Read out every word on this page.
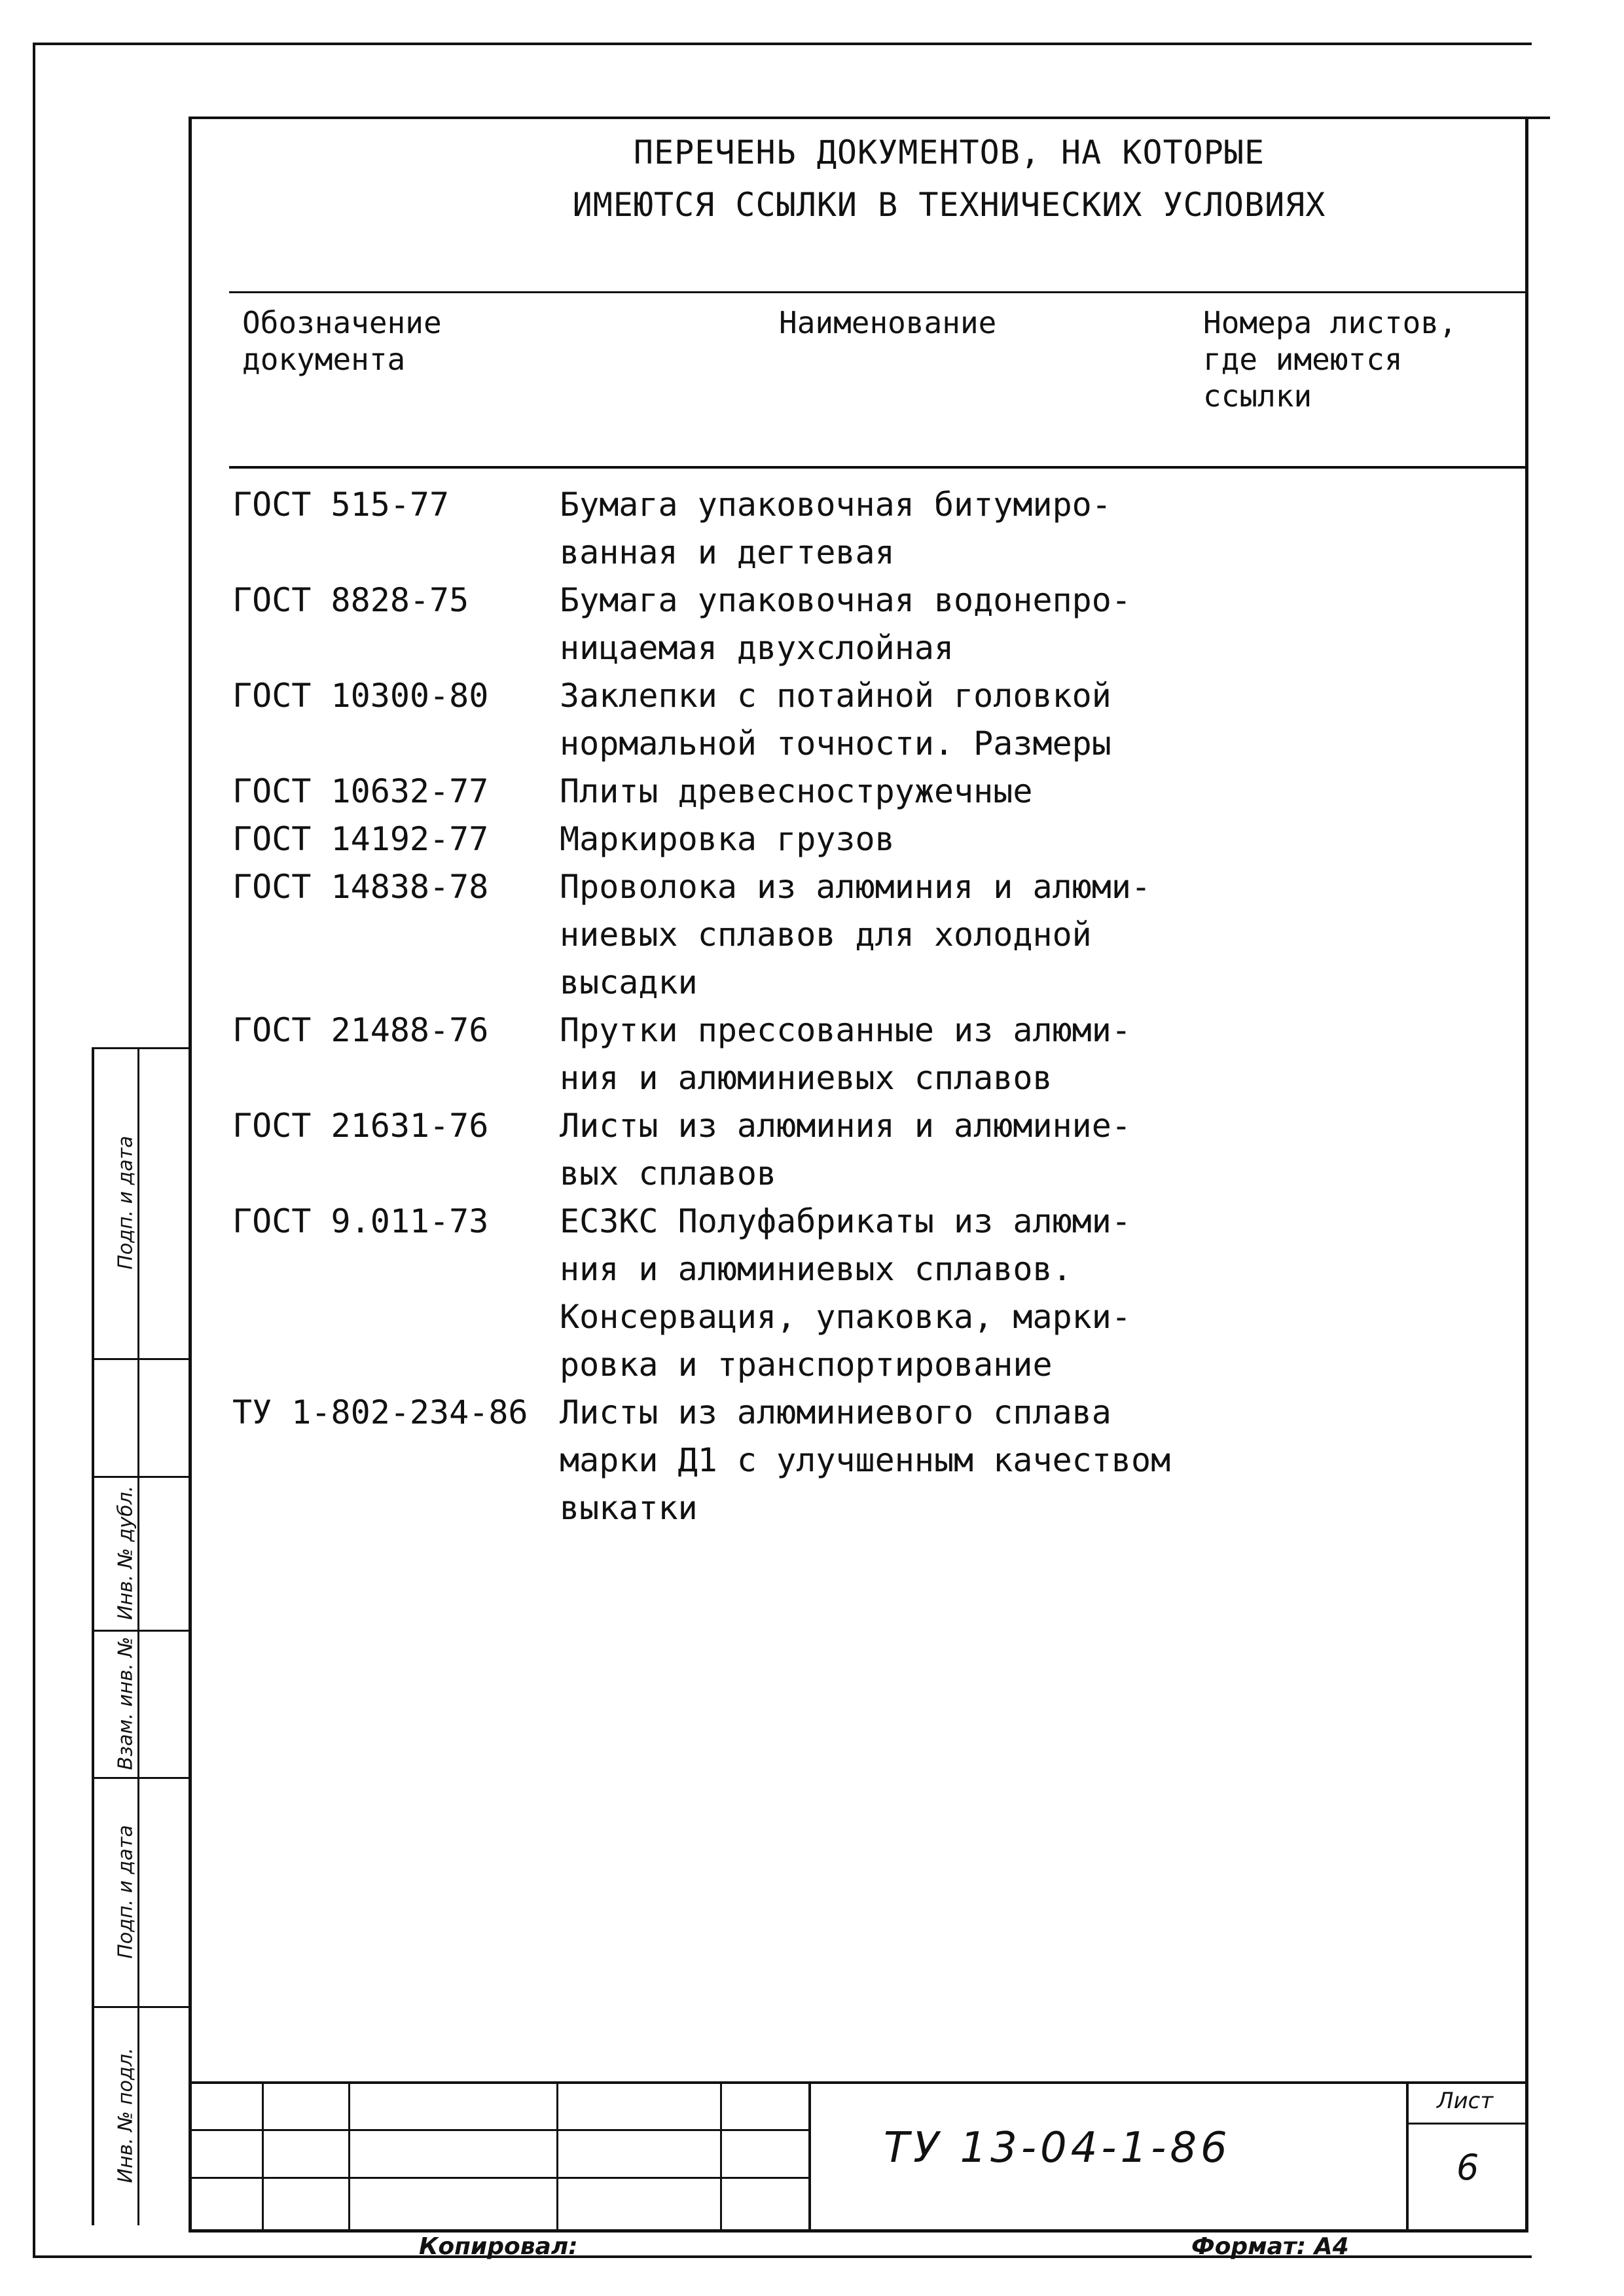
ПЕРЕЧЕНЬ ДОКУМЕНТОВ, НА КОТОРЫЕ
ИМЕЮТСЯ ССЫЛКИ В ТЕХНИЧЕСКИХ УСЛОВИЯХ
Обозначение
документа
Наименование	Номера листов,
где имеются
ссылки
ГОСТ 515-77	Бумага упаковочная битумиро-
ванная и дегтевая
ГОСТ 8828-75	Бумага упаковочная водонепро-
ницаемая двухслойная
ГОСТ 10300-80	Заклепки с потайной головкой
нормальной точности. Размеры
ГОСТ 10632-77	Плиты древесностружечные
ГОСТ 14192-77	Маркировка грузов
ГОСТ 14838-78	Проволока из алюминия и алюми-
ниевых сплавов для холодной
высадки
ГОСТ 21488-76	Прутки прессованные из алюми-
ния и алюминиевых сплавов
ГОСТ 21631-76	Листы из алюминия и алюминие-
вых сплавов
ГОСТ 9.011-73	ЕСЗКС Полуфабрикаты из алюми-
ния и алюминиевых сплавов.
Консервация, упаковка, марки-
ровка и транспортирование
ТУ 1-802-234-86 Листы из алюминиевого сплава
марки Д1 с улучшенным качеством
выкатки
Инв. № подл.
Подп. и дата
Взам. инв. №
Инв. № дубл.
Подп. и дата
ТУ 13-04-1-86
Лист
6
Копировал:	Формат: А4
